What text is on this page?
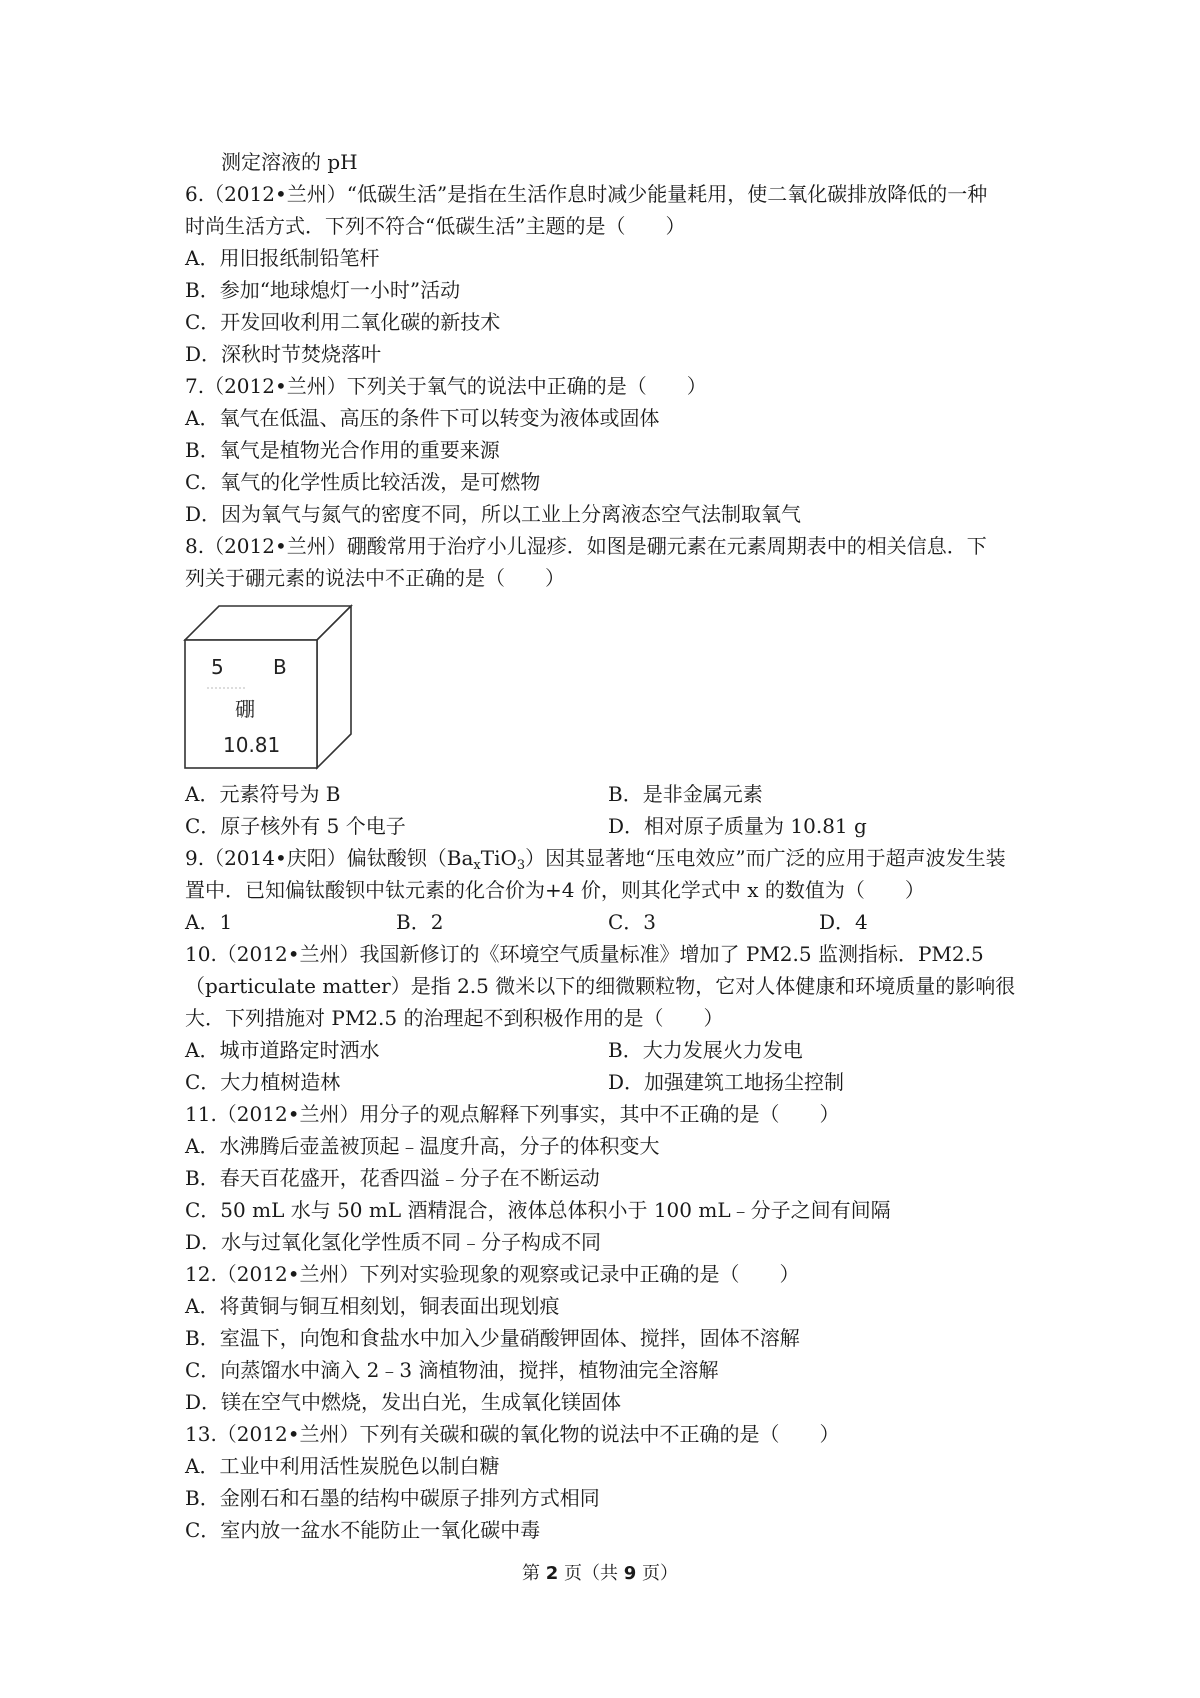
测定溶液的 pH
6.（2012•兰州）“低碳生活”是指在生活作息时减少能量耗用，使二氧化碳排放降低的一种
时尚生活方式．下列不符合“低碳生活”主题的是（　　）
A．用旧报纸制铅笔杆
B．参加“地球熄灯一小时”活动
C．开发回收利用二氧化碳的新技术
D．深秋时节焚烧落叶
7.（2012•兰州）下列关于氧气的说法中正确的是（　　）
A．氧气在低温、高压的条件下可以转变为液体或固体
B．氧气是植物光合作用的重要来源
C．氧气的化学性质比较活泼，是可燃物
D．因为氧气与氮气的密度不同，所以工业上分离液态空气法制取氧气
8.（2012•兰州）硼酸常用于治疗小儿湿疹．如图是硼元素在元素周期表中的相关信息．下
列关于硼元素的说法中不正确的是（　　）
5 B
硼
10.81
A．元素符号为 B	B．是非金属元素
C．原子核外有 5 个电子	D．相对原子质量为 10.81 g
9.（2014•庆阳）偏钛酸钡$(Ba_xTiO_3)$因其显著地“压电效应”而广泛的应用于超声波发生装
置中．已知偏钛酸钡中钛元素的化合价为+4 价，则其化学式中 x 的数值为（　　）
A．1	B．2	C．3	D．4
10.（2012•兰州）我国新修订的《环境空气质量标准》增加了 PM2.5 监测指标．PM2.5
（particulate matter）是指 2.5 微米以下的细微颗粒物，它对人体健康和环境质量的影响很
大．下列措施对 PM2.5 的治理起不到积极作用的是（　　）
A．城市道路定时洒水	B．大力发展火力发电
C．大力植树造林	D．加强建筑工地扬尘控制
11.（2012•兰州）用分子的观点解释下列事实，其中不正确的是（　　）
A．水沸腾后壶盖被顶起﹣温度升高，分子的体积变大
B．春天百花盛开，花香四溢﹣分子在不断运动
C．50 mL 水与 50 mL 酒精混合，液体总体积小于 100 mL﹣分子之间有间隔
D．水与过氧化氢化学性质不同﹣分子构成不同
12.（2012•兰州）下列对实验现象的观察或记录中正确的是（　　）
A．将黄铜与铜互相刻划，铜表面出现划痕
B．室温下，向饱和食盐水中加入少量硝酸钾固体、搅拌，固体不溶解
C．向蒸馏水中滴入 2﹣3 滴植物油，搅拌，植物油完全溶解
D．镁在空气中燃烧，发出白光，生成氧化镁固体
13.（2012•兰州）下列有关碳和碳的氧化物的说法中不正确的是（　　）
A．工业中利用活性炭脱色以制白糖
B．金刚石和石墨的结构中碳原子排列方式相同
C．室内放一盆水不能防止一氧化碳中毒
第 2 页（共 9 页）
